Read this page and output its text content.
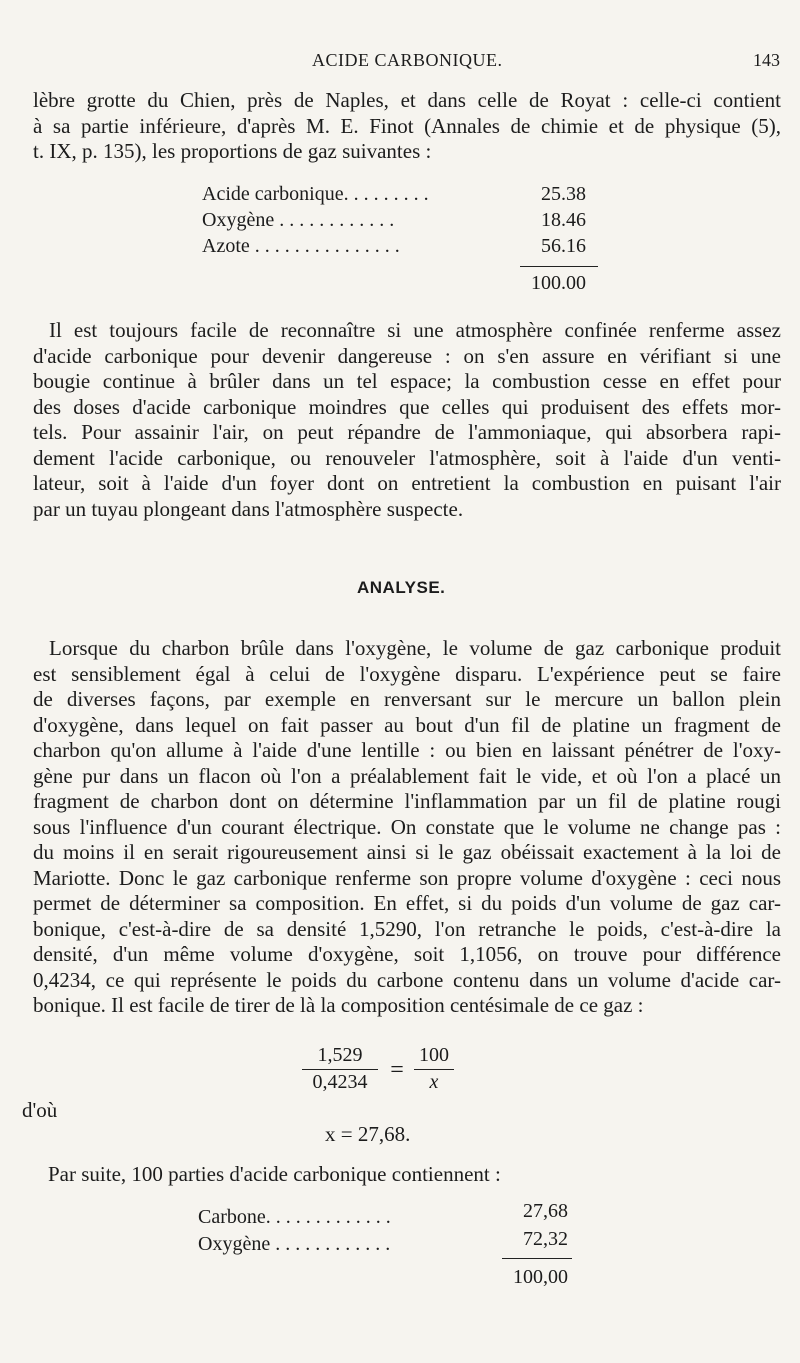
ACIDE CARBONIQUE.	143
lèbre grotte du Chien, près de Naples, et dans celle de Royat : celle-ci contient
à sa partie inférieure, d'après M. E. Finot (Annales de chimie et de physique (5),
t. IX, p. 135), les proportions de gaz suivantes :
Acide carbonique. . . . . . . . .	25.38
Oxygène . . . . . . . . . . . .	18.46
Azote . . . . . . . . . . . . . . .	56.16
100.00
Il est toujours facile de reconnaître si une atmosphère confinée renferme assez
d'acide carbonique pour devenir dangereuse : on s'en assure en vérifiant si une
bougie continue à brûler dans un tel espace; la combustion cesse en effet pour
des doses d'acide carbonique moindres que celles qui produisent des effets mor-
tels. Pour assainir l'air, on peut répandre de l'ammoniaque, qui absorbera rapi-
dement l'acide carbonique, ou renouveler l'atmosphère, soit à l'aide d'un venti-
lateur, soit à l'aide d'un foyer dont on entretient la combustion en puisant l'air
par un tuyau plongeant dans l'atmosphère suspecte.
ANALYSE.
Lorsque du charbon brûle dans l'oxygène, le volume de gaz carbonique produit
est sensiblement égal à celui de l'oxygène disparu. L'expérience peut se faire
de diverses façons, par exemple en renversant sur le mercure un ballon plein
d'oxygène, dans lequel on fait passer au bout d'un fil de platine un fragment de
charbon qu'on allume à l'aide d'une lentille : ou bien en laissant pénétrer de l'oxy-
gène pur dans un flacon où l'on a préalablement fait le vide, et où l'on a placé un
fragment de charbon dont on détermine l'inflammation par un fil de platine rougi
sous l'influence d'un courant électrique. On constate que le volume ne change pas :
du moins il en serait rigoureusement ainsi si le gaz obéissait exactement à la loi de
Mariotte. Donc le gaz carbonique renferme son propre volume d'oxygène : ceci nous
permet de déterminer sa composition. En effet, si du poids d'un volume de gaz car-
bonique, c'est-à-dire de sa densité 1,5290, l'on retranche le poids, c'est-à-dire la
densité, d'un même volume d'oxygène, soit 1,1056, on trouve pour différence
0,4234, ce qui représente le poids du carbone contenu dans un volume d'acide car-
bonique. Il est facile de tirer de là la composition centésimale de ce gaz :
1,529
0,4234 =
100
x
d'où
x = 27,68.
Par suite, 100 parties d'acide carbonique contiennent :
Carbone. . . . . . . . . . . . .	27,68
Oxygène . . . . . . . . . . . .	72,32
100,00
